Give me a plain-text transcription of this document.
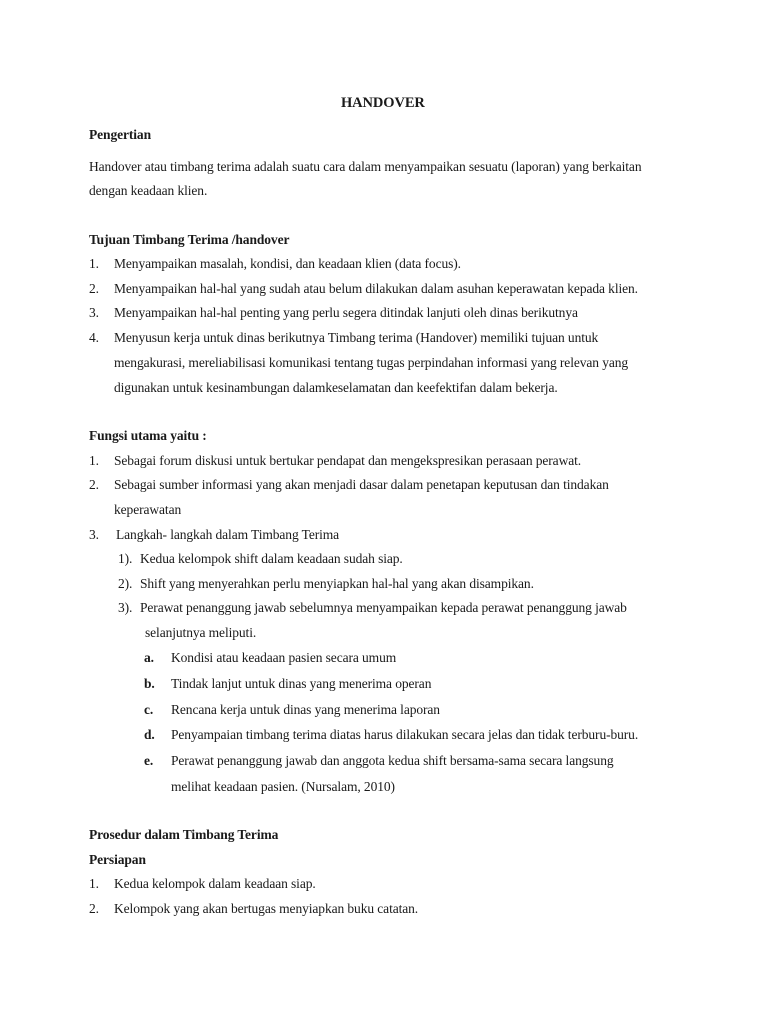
HANDOVER
Pengertian
Handover atau timbang terima adalah suatu cara dalam menyampaikan sesuatu (laporan) yang berkaitan
dengan keadaan klien.
Tujuan Timbang Terima /handover
1. Menyampaikan masalah, kondisi, dan keadaan klien (data focus).
2. Menyampaikan hal-hal yang sudah atau belum dilakukan dalam asuhan keperawatan kepada klien.
3. Menyampaikan hal-hal penting yang perlu segera ditindak lanjuti oleh dinas berikutnya
4. Menyusun kerja untuk dinas berikutnya Timbang terima (Handover) memiliki tujuan untuk
mengakurasi, mereliabilisasi komunikasi tentang tugas perpindahan informasi yang relevan yang
digunakan untuk kesinambungan dalamkeselamatan dan keefektifan dalam bekerja.
Fungsi utama yaitu :
1. Sebagai forum diskusi untuk bertukar pendapat dan mengekspresikan perasaan perawat.
2. Sebagai sumber informasi yang akan menjadi dasar dalam penetapan keputusan dan tindakan
keperawatan
3. Langkah- langkah dalam Timbang Terima
1). Kedua kelompok shift dalam keadaan sudah siap.
2). Shift yang menyerahkan perlu menyiapkan hal-hal yang akan disampikan.
3). Perawat penanggung jawab sebelumnya menyampaikan kepada perawat penanggung jawab
selanjutnya meliputi.
a. Kondisi atau keadaan pasien secara umum
b. Tindak lanjut untuk dinas yang menerima operan
c. Rencana kerja untuk dinas yang menerima laporan
d. Penyampaian timbang terima diatas harus dilakukan secara jelas dan tidak terburu-buru.
e. Perawat penanggung jawab dan anggota kedua shift bersama-sama secara langsung
melihat keadaan pasien. (Nursalam, 2010)
Prosedur dalam Timbang Terima
Persiapan
1. Kedua kelompok dalam keadaan siap.
2. Kelompok yang akan bertugas menyiapkan buku catatan.
